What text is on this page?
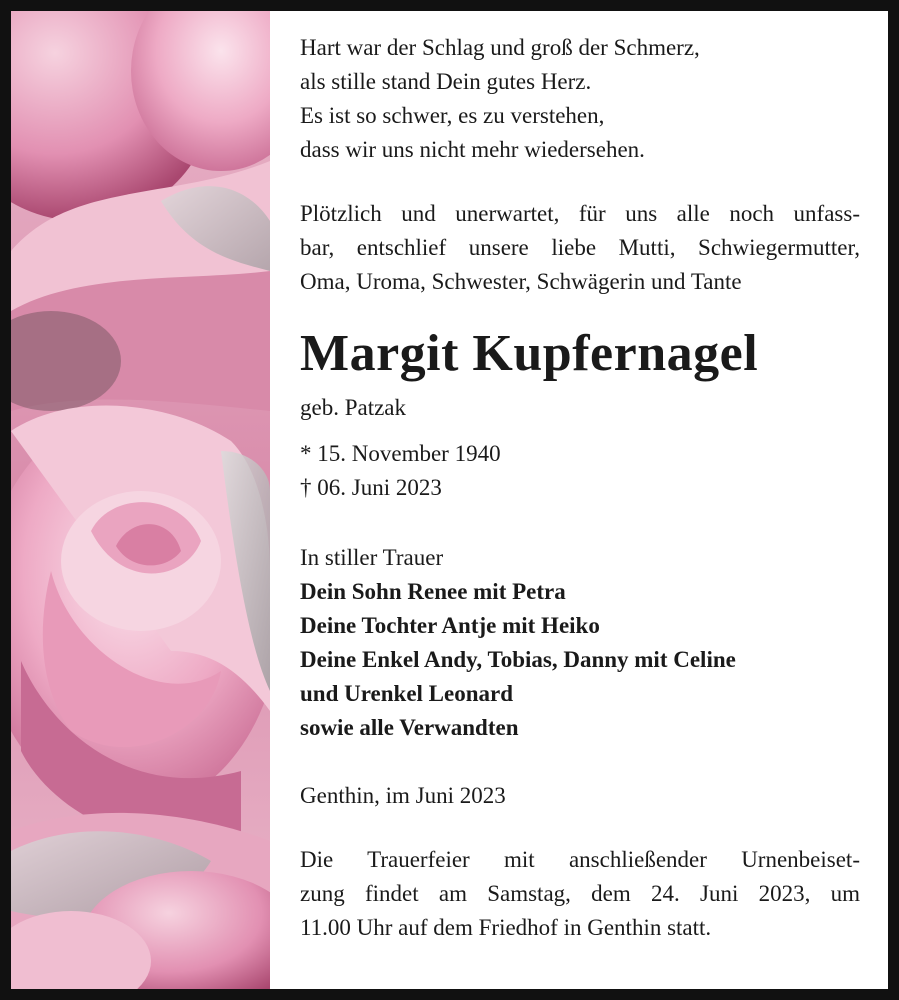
Hart war der Schlag und groß der Schmerz,
als stille stand Dein gutes Herz.
Es ist so schwer, es zu verstehen,
dass wir uns nicht mehr wiedersehen.
Plötzlich und unerwartet, für uns alle noch unfass-
bar, entschlief unsere liebe Mutti, Schwiegermutter,
Oma, Uroma, Schwester, Schwägerin und Tante
Margit Kupfernagel
geb. Patzak
* 15. November 1940
† 06. Juni 2023
In stiller Trauer
Dein Sohn Renee mit Petra
Deine Tochter Antje mit Heiko
Deine Enkel Andy, Tobias, Danny mit Celine
und Urenkel Leonard
sowie alle Verwandten
Genthin, im Juni 2023
Die Trauerfeier mit anschließender Urnenbeiset-
zung findet am Samstag, dem 24. Juni 2023, um
11.00 Uhr auf dem Friedhof in Genthin statt.
